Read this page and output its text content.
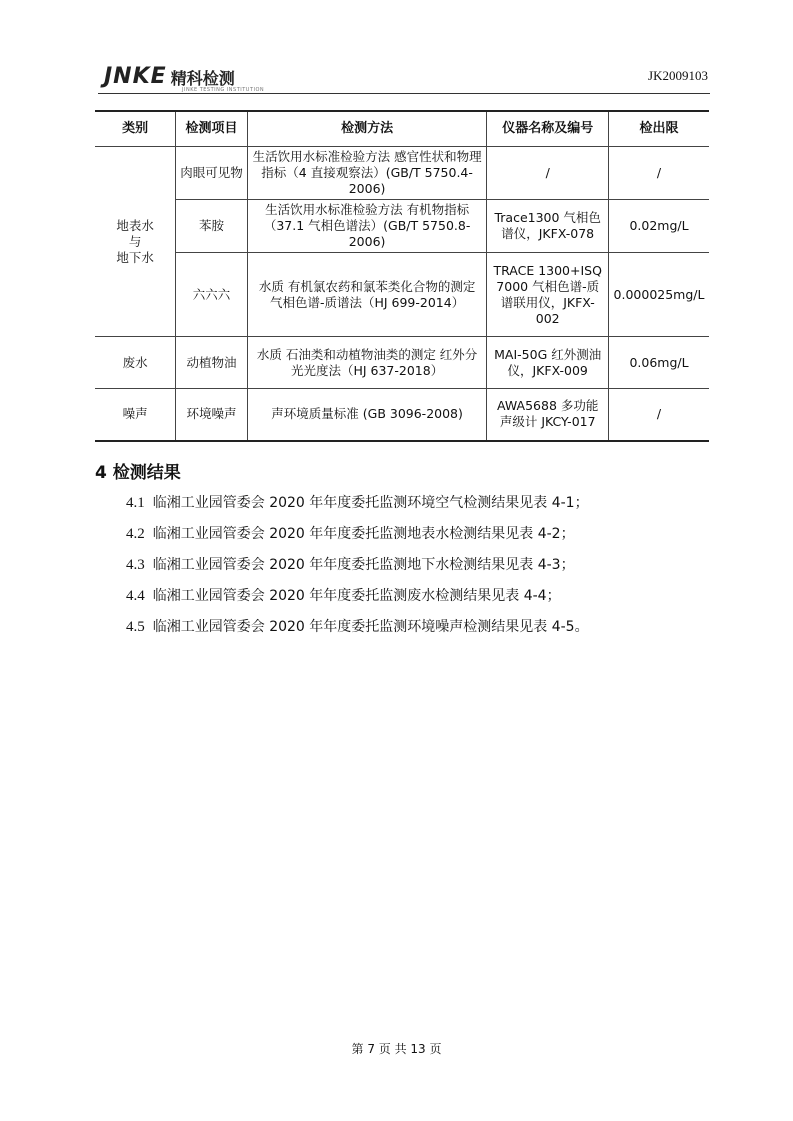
JNKE 精科检测
JINKE TESTING INSTITUTION
JK2009103
类别	检测项目	检测方法	仪器名称及编号	检出限
地表水
与
地下水	肉眼可见物	生活饮用水标准检验方法 感官性状和物理指标（4 直接观察法）(GB/T 5750.4-2006)	/	/
	苯胺	生活饮用水标准检验方法 有机物指标（37.1 气相色谱法）(GB/T 5750.8-2006)	Trace1300 气相色谱仪，JKFX-078	0.02mg/L
	六六六	水质 有机氯农药和氯苯类化合物的测定 气相色谱-质谱法（HJ 699-2014）	TRACE 1300+ISQ 7000 气相色谱-质谱联用仪，JKFX-002	0.000025mg/L
废水	动植物油	水质 石油类和动植物油类的测定 红外分光光度法（HJ 637-2018）	MAI-50G 红外测油仪，JKFX-009	0.06mg/L
噪声	环境噪声	声环境质量标准 (GB 3096-2008)	AWA5688 多功能声级计 JKCY-017	/
4 检测结果
4.1 临湘工业园管委会 2020 年年度委托监测环境空气检测结果见表 4-1；
4.2 临湘工业园管委会 2020 年年度委托监测地表水检测结果见表 4-2；
4.3 临湘工业园管委会 2020 年年度委托监测地下水检测结果见表 4-3；
4.4 临湘工业园管委会 2020 年年度委托监测废水检测结果见表 4-4；
4.5 临湘工业园管委会 2020 年年度委托监测环境噪声检测结果见表 4-5。
第 7 页 共 13 页
